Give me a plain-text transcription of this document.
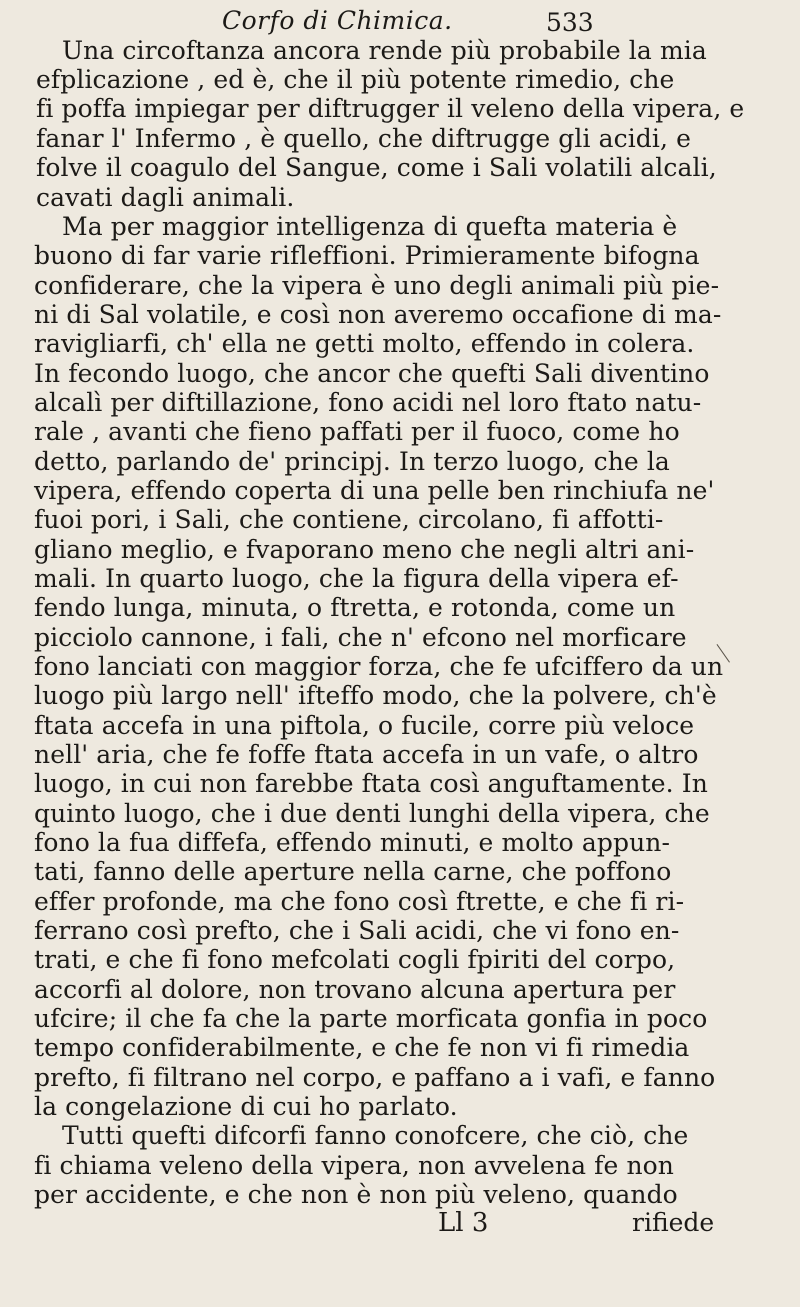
Corfo di Chimica.	533
Una circoftanza ancora rende più probabile la mia
efplicazione , ed è, che il più potente rimedio, che
fi poffa impiegar per diftrugger il veleno della vipera, e
fanar l' Infermo , è quello, che diftrugge gli acidi, e
folve il coagulo del Sangue, come i Sali volatili alcali,
cavati dagli animali.
Ma per maggior intelligenza di quefta materia è
buono di far varie rifleffioni. Primieramente bifogna
confiderare, che la vipera è uno degli animali più pie-
ni di Sal volatile, e così non averemo occafione di ma-
ravigliarfi, ch' ella ne getti molto, effendo in colera.
In fecondo luogo, che ancor che quefti Sali diventino
alcalì per diftillazione, fono acidi nel loro ftato natu-
rale , avanti che fieno paffati per il fuoco, come ho
detto, parlando de' principj. In terzo luogo, che la
vipera, effendo coperta di una pelle ben rinchiufa ne'
fuoi pori, i Sali, che contiene, circolano, fi affotti-
gliano meglio, e fvaporano meno che negli altri ani-
mali. In quarto luogo, che la figura della vipera ef-
fendo lunga, minuta, o ftretta, e rotonda, come un
picciolo cannone, i fali, che n' efcono nel morficare
fono lanciati con maggior forza, che fe ufciffero da un
luogo più largo nell' ifteffo modo, che la polvere, ch'è
ftata accefa in una piftola, o fucile, corre più veloce
nell' aria, che fe foffe ftata accefa in un vafe, o altro
luogo, in cui non farebbe ftata così anguftamente. In
quinto luogo, che i due denti lunghi della vipera, che
fono la fua diffefa, effendo minuti, e molto appun-
tati, fanno delle aperture nella carne, che poffono
effer profonde, ma che fono così ftrette, e che fi ri-
ferrano così prefto, che i Sali acidi, che vi fono en-
trati, e che fi fono mefcolati cogli fpiriti del corpo,
accorfi al dolore, non trovano alcuna apertura per
ufcire; il che fa che la parte morficata gonfia in poco
tempo confiderabilmente, e che fe non vi fi rimedia
prefto, fi filtrano nel corpo, e paffano a i vafi, e fanno
la congelazione di cui ho parlato.
Tutti quefti difcorfi fanno conofcere, che ciò, che
fi chiama veleno della vipera, non avvelena fe non
per accidente, e che non è non più veleno, quando
Ll 3	rifiede
